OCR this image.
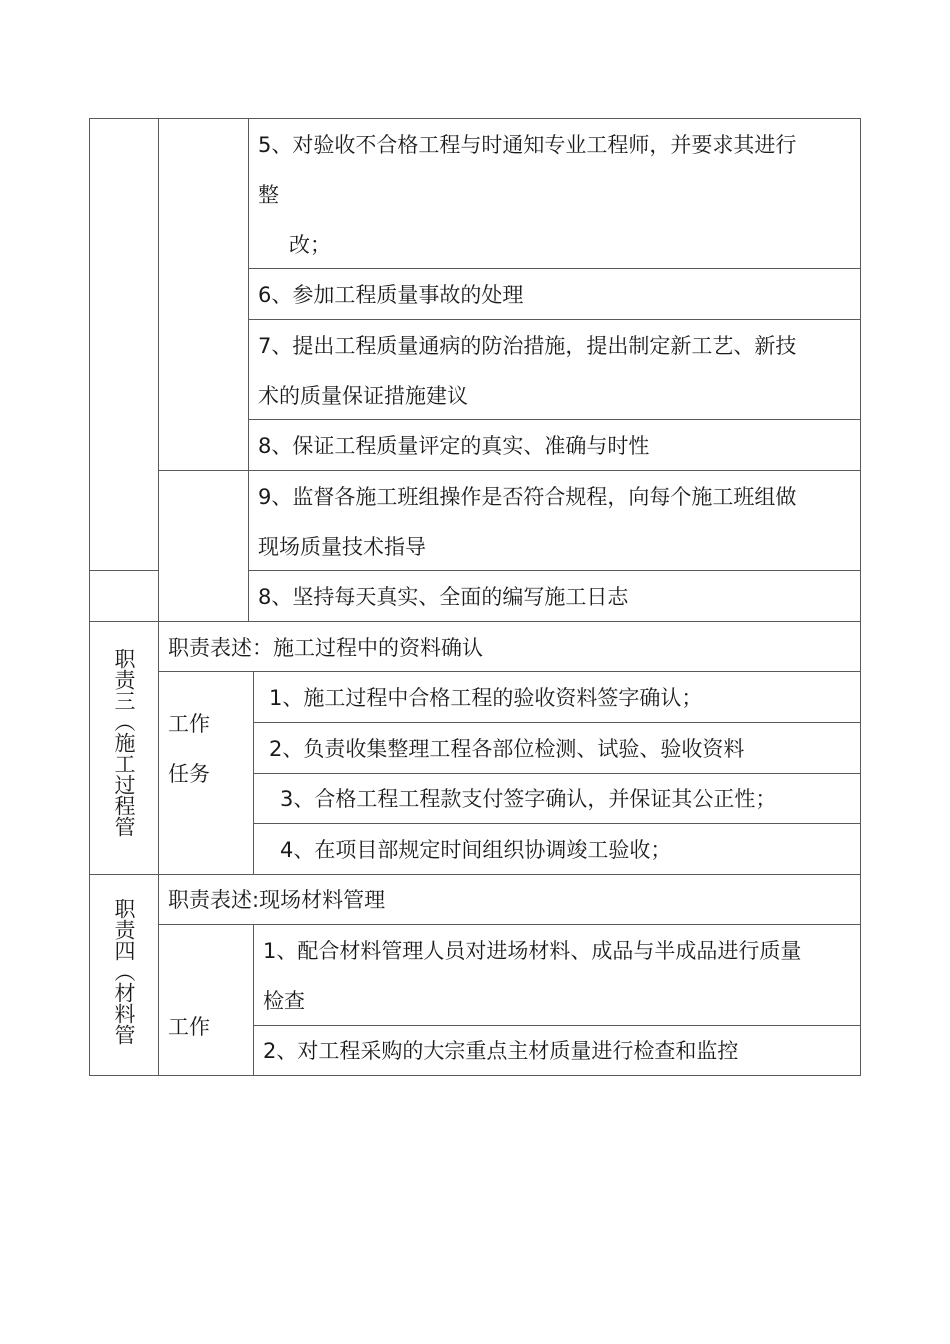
5、对验收不合格工程与时通知专业工程师，并要求其进行
整
改；
6、参加工程质量事故的处理
7、提出工程质量通病的防治措施，提出制定新工艺、新技
术的质量保证措施建议
8、保证工程质量评定的真实、准确与时性
9、监督各施工班组操作是否符合规程，向每个施工班组做
现场质量技术指导
8、坚持每天真实、全面的编写施工日志
职责三（施工过程管 职责表述：施工过程中的资料确认
工作
任务
1、施工过程中合格工程的验收资料签字确认；
2、负责收集整理工程各部位检测、试验、验收资料
3、合格工程工程款支付签字确认，并保证其公正性；
4、在项目部规定时间组织协调竣工验收；
职责四（材料管 职责表述:现场材料管理
工作
1、配合材料管理人员对进场材料、成品与半成品进行质量
检查
2、对工程采购的大宗重点主材质量进行检查和监控
